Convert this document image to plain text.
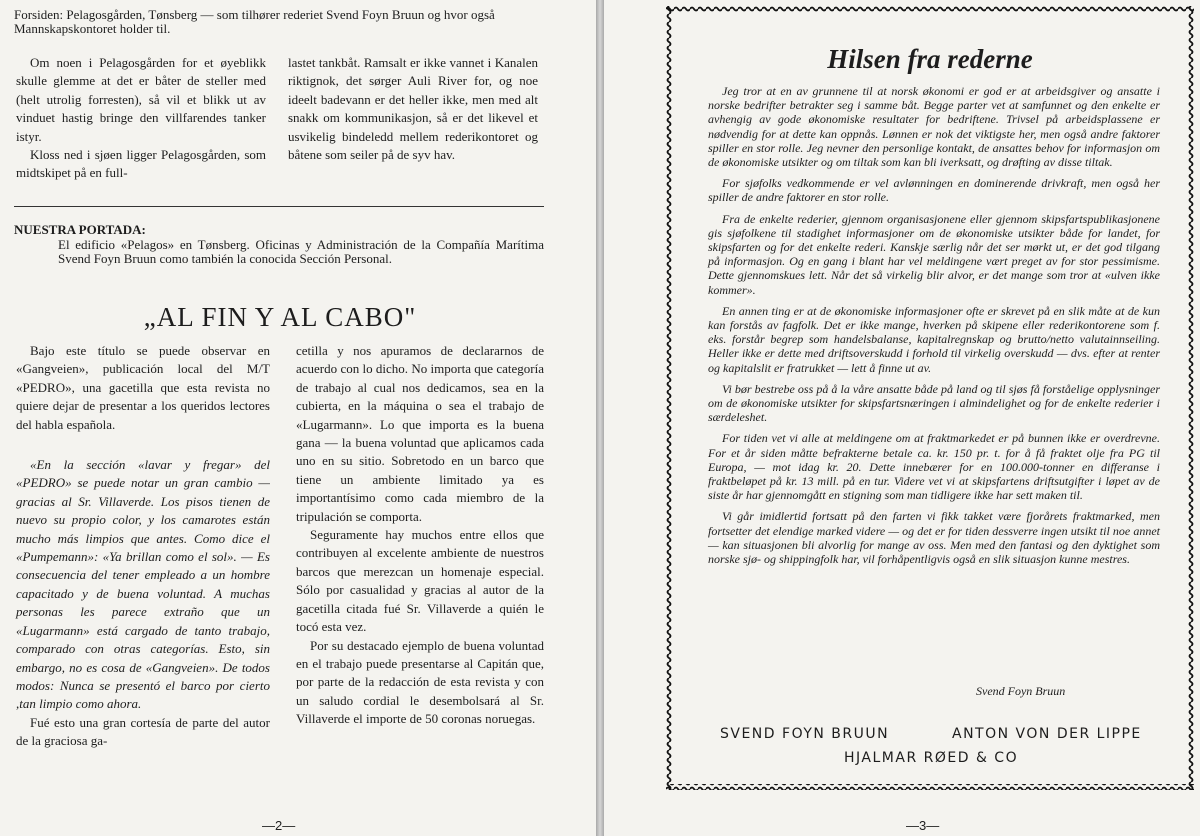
Forsiden: Pelagosgården, Tønsberg — som tilhører rederiet Svend Foyn Bruun og hvor også Mannskapskontoret holder til.

Om noen i Pelagosgården for et øyeblikk skulle glemme at det er båter de steller med (helt utrolig forresten), så vil et blikk ut av vinduet hastig bringe den villfarendes tanker istyr.

Kloss ned i sjøen ligger Pelagosgården, som midtskipet på en full-

lastet tankbåt. Ramsalt er ikke vannet i Kanalen riktignok, det sørger Auli River for, og noe ideelt badevann er det heller ikke, men med alt snakk om kommunikasjon, så er det likevel et usvikelig bindeledd mellem rederikontoret og båtene som seiler på de syv hav.

NUESTRA PORTADA:
El edificio «Pelagos» en Tønsberg. Oficinas y Administración de la Compañía Marítima Svend Foyn Bruun como también la conocida Sección Personal.
„AL FIN Y AL CABO"

Bajo este título se puede observar en «Gangveien», publicación local del M/T «PEDRO», una gacetilla que esta revista no quiere dejar de presentar a los queridos lectores del habla española.

«En la sección «lavar y fregar» del «PEDRO» se puede notar un gran cambio — gracias al Sr. Villaverde. Los pisos tienen de nuevo su propio color, y los camarotes están mucho más limpios que antes. Como dice el «Pumpemann»: «Ya brillan como el sol». — Es consecuencia del tener empleado a un hombre capacitado y de buena voluntad. A muchas personas les parece extraño que un «Lugarmann» está cargado de tanto trabajo, comparado con otras categorías. Esto, sin embargo, no es cosa de «Gangveien». De todos modos: Nunca se presentó el barco por cierto ,tan limpio como ahora.

Fué esto una gran cortesía de parte del autor de la graciosa ga-

cetilla y nos apuramos de declararnos de acuerdo con lo dicho. No importa que categoría de trabajo al cual nos dedicamos, sea en la cubierta, en la máquina o sea el trabajo de «Lugarmann». Lo que importa es la buena gana — la buena voluntad que aplicamos cada uno en su sitio. Sobretodo en un barco que tiene un ambiente limitado ya es importantísimo como cada miembro de la tripulación se comporta.

Seguramente hay muchos entre ellos que contribuyen al excelente ambiente de nuestros barcos que merezcan un homenaje especial. Sólo por casualidad y gracias al autor de la gacetilla citada fué Sr. Villaverde a quién le tocó esta vez.

Por su destacado ejemplo de buena voluntad en el trabajo puede presentarse al Capitán que, por parte de la redacción de esta revista y con un saludo cordial le desembolsará al Sr. Villaverde el importe de 50 coronas noruegas.

—2—
Hilsen fra rederne

Jeg tror at en av grunnene til at norsk økonomi er god er at arbeidsgiver og ansatte i norske bedrifter betrakter seg i samme båt. Begge parter vet at samfunnet og den enkelte er avhengig av gode økonomiske resultater for bedriftene. Trivsel på arbeidsplassene er nødvendig for at dette kan oppnås. Lønnen er nok det viktigste her, men også andre faktorer spiller en stor rolle. Jeg nevner den personlige kontakt, de ansattes behov for informasjon om de økonomiske utsikter og om tiltak som kan bli iverksatt, og drøfting av disse tiltak.

For sjøfolks vedkommende er vel avlønningen en dominerende drivkraft, men også her spiller de andre faktorer en stor rolle.

Fra de enkelte rederier, gjennom organisasjonene eller gjennom skipsfartspublikasjonene gis sjøfolkene til stadighet informasjoner om de økonomiske utsikter både for landet, for skipsfarten og for det enkelte rederi. Kanskje særlig når det ser mørkt ut, er det god tilgang på informasjon. Og en gang i blant har vel meldingene vært preget av for stor pessimisme. Dette gjennomskues lett. Når det så virkelig blir alvor, er det mange som tror at «ulven ikke kommer».

En annen ting er at de økonomiske informasjoner ofte er skrevet på en slik måte at de kun kan forstås av fagfolk. Det er ikke mange, hverken på skipene eller rederikontorene som f. eks. forstår begrep som handelsbalanse, kapitalregnskap og brutto/netto valutainnseiling. Heller ikke er dette med driftsoverskudd i forhold til virkelig overskudd — dvs. efter at renter og kapitalslit er fratrukket — lett å finne ut av.

Vi bør bestrebe oss på å la våre ansatte både på land og til sjøs få forståelige opplysninger om de økonomiske utsikter for skipsfartsnæringen i almindelighet og for de enkelte rederier i særdeleshet.

For tiden vet vi alle at meldingene om at fraktmarkedet er på bunnen ikke er overdrevne. For et år siden måtte befrakterne betale ca. kr. 150 pr. t. for å få fraktet olje fra PG til Europa, — mot idag kr. 20. Dette innebærer for en 100.000-tonner en differanse i fraktbeløpet på kr. 13 mill. på en tur. Videre vet vi at skipsfartens driftsutgifter i løpet av de siste år har gjennomgått en stigning som man tidligere ikke har sett maken til.

Vi går imidlertid fortsatt på den farten vi fikk takket være fjorårets fraktmarked, men fortsetter det elendige marked videre — og det er for tiden dessverre ingen utsikt til noe annet — kan situasjonen bli alvorlig for mange av oss. Men med den fantasi og den dyktighet som norske sjø- og shippingfolk har, vil forhåpentligvis også en slik situasjon kunne mestres.

Svend Foyn Bruun
SVEND FOYN BRUUN	ANTON VON DER LIPPE
HJALMAR RØED & CO
—3—
